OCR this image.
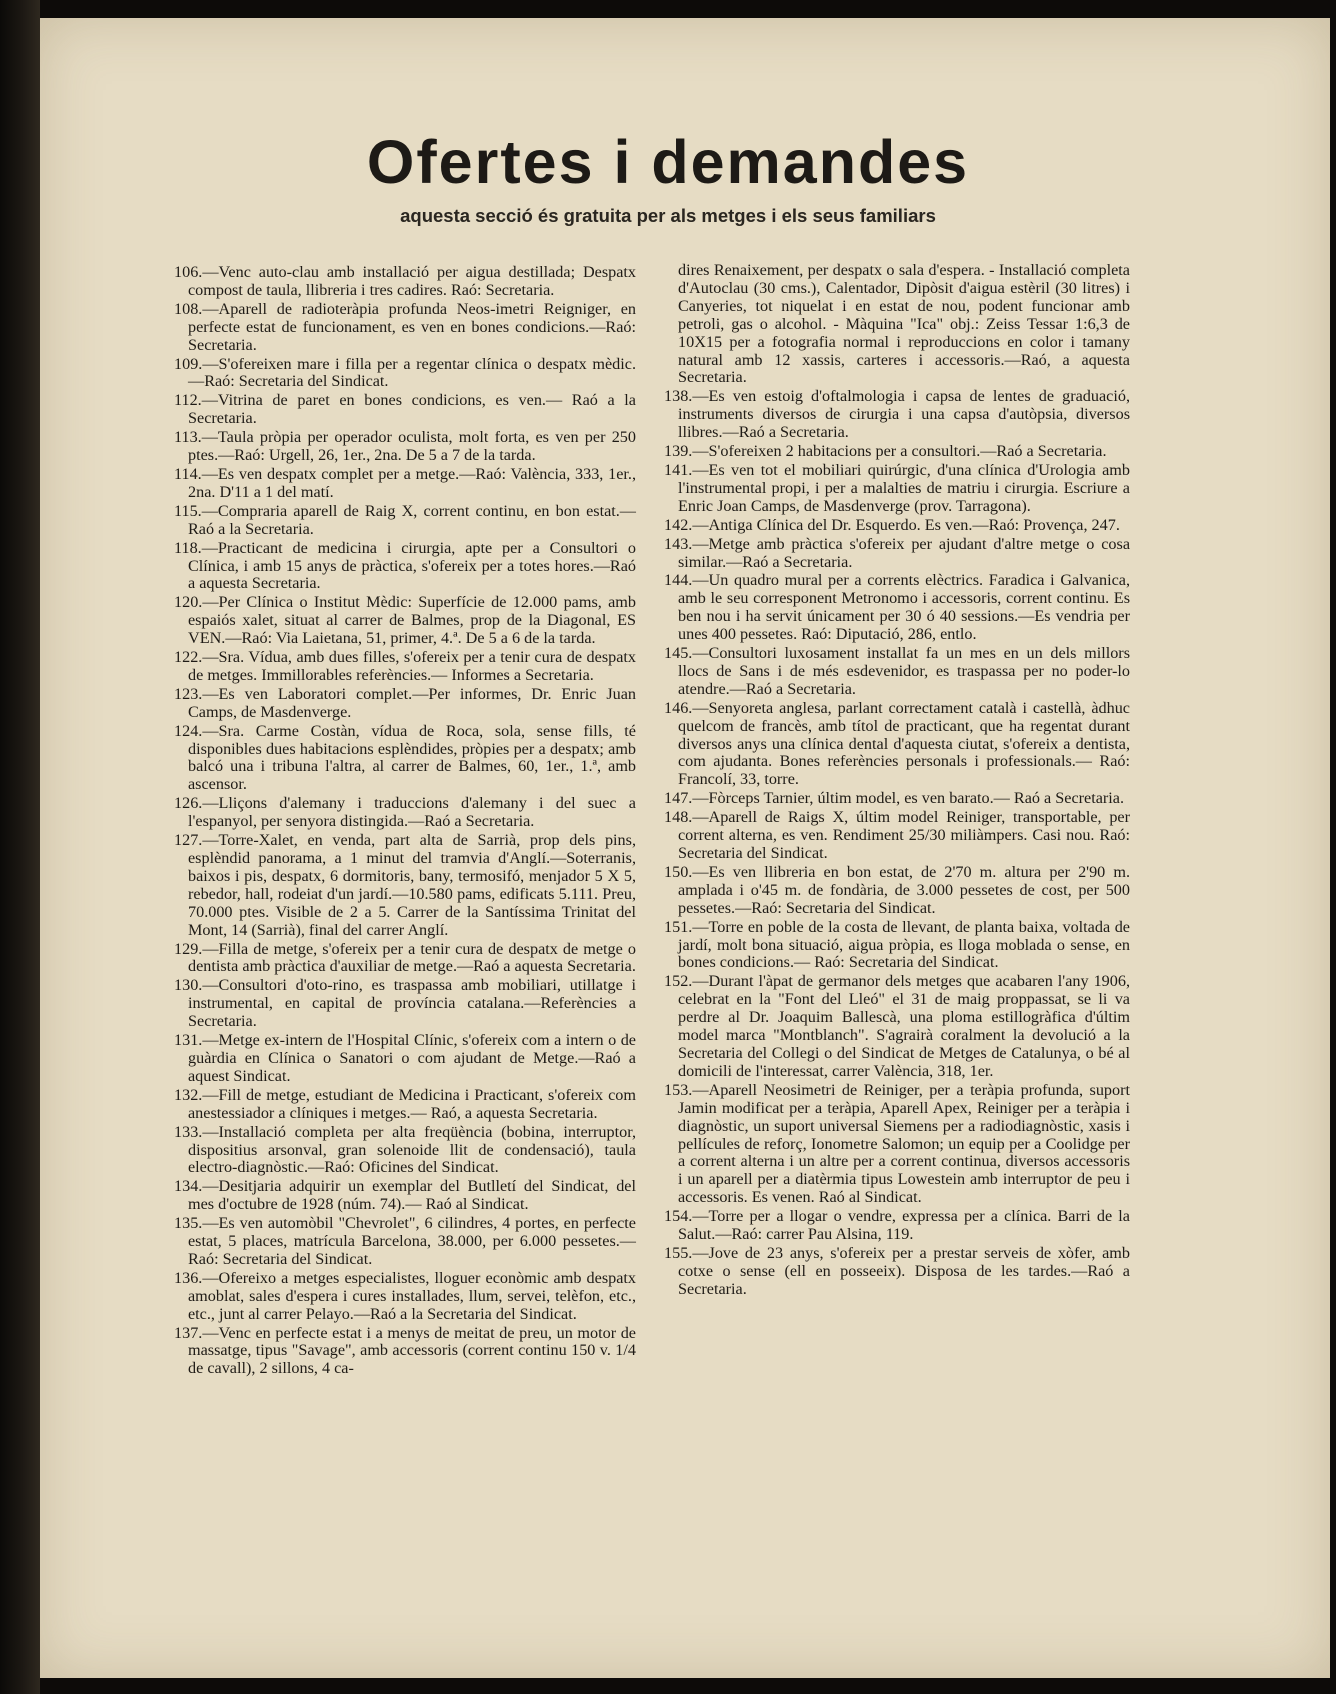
Ofertes i demandes

aquesta secció és gratuita per als metges i els seus familiars

106.—Venc auto-clau amb installació per aigua destillada; Despatx compost de taula, llibreria i tres cadires. Raó: Secretaria.

108.—Aparell de radioteràpia profunda Neos-imetri Reigniger, en perfecte estat de funcionament, es ven en bones condicions.—Raó: Secretaria.

109.—S'ofereixen mare i filla per a regentar clínica o despatx mèdic.—Raó: Secretaria del Sindicat.

112.—Vitrina de paret en bones condicions, es ven.— Raó a la Secretaria.

113.—Taula pròpia per operador oculista, molt forta, es ven per 250 ptes.—Raó: Urgell, 26, 1er., 2na. De 5 a 7 de la tarda.

114.—Es ven despatx complet per a metge.—Raó: València, 333, 1er., 2na. D'11 a 1 del matí.

115.—Compraria aparell de Raig X, corrent continu, en bon estat.—Raó a la Secretaria.

118.—Practicant de medicina i cirurgia, apte per a Consultori o Clínica, i amb 15 anys de pràctica, s'ofereix per a totes hores.—Raó a aquesta Secretaria.

120.—Per Clínica o Institut Mèdic: Superfície de 12.000 pams, amb espaiós xalet, situat al carrer de Balmes, prop de la Diagonal, ES VEN.—Raó: Via Laietana, 51, primer, 4.ª. De 5 a 6 de la tarda.

122.—Sra. Vídua, amb dues filles, s'ofereix per a tenir cura de despatx de metges. Immillorables referències.— Informes a Secretaria.

123.—Es ven Laboratori complet.—Per informes, Dr. Enric Juan Camps, de Masdenverge.

124.—Sra. Carme Costàn, vídua de Roca, sola, sense fills, té disponibles dues habitacions esplèndides, pròpies per a despatx; amb balcó una i tribuna l'altra, al carrer de Balmes, 60, 1er., 1.ª, amb ascensor.

126.—Lliçons d'alemany i traduccions d'alemany i del suec a l'espanyol, per senyora distingida.—Raó a Secretaria.

127.—Torre-Xalet, en venda, part alta de Sarrià, prop dels pins, esplèndid panorama, a 1 minut del tramvia d'Anglí.—Soterranis, baixos i pis, despatx, 6 dormitoris, bany, termosifó, menjador 5 X 5, rebedor, hall, rodeiat d'un jardí.—10.580 pams, edificats 5.111. Preu, 70.000 ptes. Visible de 2 a 5. Carrer de la Santíssima Trinitat del Mont, 14 (Sarrià), final del carrer Anglí.

129.—Filla de metge, s'ofereix per a tenir cura de despatx de metge o dentista amb pràctica d'auxiliar de metge.—Raó a aquesta Secretaria.

130.—Consultori d'oto-rino, es traspassa amb mobiliari, utillatge i instrumental, en capital de província catalana.—Referències a Secretaria.

131.—Metge ex-intern de l'Hospital Clínic, s'ofereix com a intern o de guàrdia en Clínica o Sanatori o com ajudant de Metge.—Raó a aquest Sindicat.

132.—Fill de metge, estudiant de Medicina i Practicant, s'ofereix com anestessiador a clíniques i metges.— Raó, a aquesta Secretaria.

133.—Installació completa per alta freqüència (bobina, interruptor, dispositius arsonval, gran solenoide llit de condensació), taula electro-diagnòstic.—Raó: Oficines del Sindicat.

134.—Desitjaria adquirir un exemplar del Butlletí del Sindicat, del mes d'octubre de 1928 (núm. 74).— Raó al Sindicat.

135.—Es ven automòbil "Chevrolet", 6 cilindres, 4 portes, en perfecte estat, 5 places, matrícula Barcelona, 38.000, per 6.000 pessetes.—Raó: Secretaria del Sindicat.

136.—Ofereixo a metges especialistes, lloguer econòmic amb despatx amoblat, sales d'espera i cures installades, llum, servei, telèfon, etc., etc., junt al carrer Pelayo.—Raó a la Secretaria del Sindicat.

137.—Venc en perfecte estat i a menys de meitat de preu, un motor de massatge, tipus "Savage", amb accessoris (corrent continu 150 v. 1/4 de cavall), 2 sillons, 4 ca-

dires Renaixement, per despatx o sala d'espera. - Installació completa d'Autoclau (30 cms.), Calentador, Dipòsit d'aigua estèril (30 litres) i Canyeries, tot niquelat i en estat de nou, podent funcionar amb petroli, gas o alcohol. - Màquina "Ica" obj.: Zeiss Tessar 1:6,3 de 10X15 per a fotografia normal i reproduccions en color i tamany natural amb 12 xassis, carteres i accessoris.—Raó, a aquesta Secretaria.

138.—Es ven estoig d'oftalmologia i capsa de lentes de graduació, instruments diversos de cirurgia i una capsa d'autòpsia, diversos llibres.—Raó a Secretaria.

139.—S'ofereixen 2 habitacions per a consultori.—Raó a Secretaria.

141.—Es ven tot el mobiliari quirúrgic, d'una clínica d'Urologia amb l'instrumental propi, i per a malalties de matriu i cirurgia. Escriure a Enric Joan Camps, de Masdenverge (prov. Tarragona).

142.—Antiga Clínica del Dr. Esquerdo. Es ven.—Raó: Provença, 247.

143.—Metge amb pràctica s'ofereix per ajudant d'altre metge o cosa similar.—Raó a Secretaria.

144.—Un quadro mural per a corrents elèctrics. Faradica i Galvanica, amb le seu corresponent Metronomo i accessoris, corrent continu. Es ben nou i ha servit únicament per 30 ó 40 sessions.—Es vendria per unes 400 pessetes. Raó: Diputació, 286, entlo.

145.—Consultori luxosament installat fa un mes en un dels millors llocs de Sans i de més esdevenidor, es traspassa per no poder-lo atendre.—Raó a Secretaria.

146.—Senyoreta anglesa, parlant correctament català i castellà, àdhuc quelcom de francès, amb títol de practicant, que ha regentat durant diversos anys una clínica dental d'aquesta ciutat, s'ofereix a dentista, com ajudanta. Bones referències personals i professionals.— Raó: Francolí, 33, torre.

147.—Fòrceps Tarnier, últim model, es ven barato.— Raó a Secretaria.

148.—Aparell de Raigs X, últim model Reiniger, transportable, per corrent alterna, es ven. Rendiment 25/30 miliàmpers. Casi nou. Raó: Secretaria del Sindicat.

150.—Es ven llibreria en bon estat, de 2'70 m. altura per 2'90 m. amplada i o'45 m. de fondària, de 3.000 pessetes de cost, per 500 pessetes.—Raó: Secretaria del Sindicat.

151.—Torre en poble de la costa de llevant, de planta baixa, voltada de jardí, molt bona situació, aigua pròpia, es lloga moblada o sense, en bones condicions.— Raó: Secretaria del Sindicat.

152.—Durant l'àpat de germanor dels metges que acabaren l'any 1906, celebrat en la "Font del Lleó" el 31 de maig proppassat, se li va perdre al Dr. Joaquim Ballescà, una ploma estillogràfica d'últim model marca "Montblanch". S'agrairà coralment la devolució a la Secretaria del Collegi o del Sindicat de Metges de Catalunya, o bé al domicili de l'interessat, carrer València, 318, 1er.

153.—Aparell Neosimetri de Reiniger, per a teràpia profunda, suport Jamin modificat per a teràpia, Aparell Apex, Reiniger per a teràpia i diagnòstic, un suport universal Siemens per a radiodiagnòstic, xasis i pellícules de reforç, Ionometre Salomon; un equip per a Coolidge per a corrent alterna i un altre per a corrent continua, diversos accessoris i un aparell per a diatèrmia tipus Lowestein amb interruptor de peu i accessoris. Es venen. Raó al Sindicat.

154.—Torre per a llogar o vendre, expressa per a clínica. Barri de la Salut.—Raó: carrer Pau Alsina, 119.

155.—Jove de 23 anys, s'ofereix per a prestar serveis de xòfer, amb cotxe o sense (ell en posseeix). Disposa de les tardes.—Raó a Secretaria.
